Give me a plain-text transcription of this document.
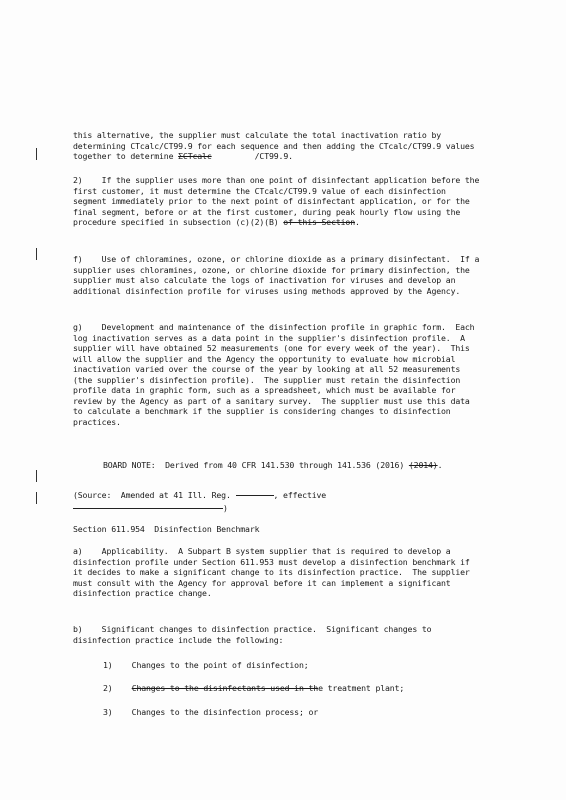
this alternative, the supplier must calculate the total inactivation ratio by determining CTcalc/CT99.9 for each sequence and then adding the CTcalc/CT99.9 values together to determine ΣCTcalc	/CT99.9.
2)    If the supplier uses more than one point of disinfectant application before the first customer, it must determine the CTcalc/CT99.9 value of each disinfection segment immediately prior to the next point of disinfectant application, or for the final segment, before or at the first customer, during peak hourly flow using the procedure specified in subsection (c)(2)(B) of this Section.
f)    Use of chloramines, ozone, or chlorine dioxide as a primary disinfectant.  If a supplier uses chloramines, ozone, or chlorine dioxide for primary disinfection, the supplier must also calculate the logs of inactivation for viruses and develop an additional disinfection profile for viruses using methods approved by the Agency.
g)    Development and maintenance of the disinfection profile in graphic form.  Each log inactivation serves as a data point in the supplier's disinfection profile.  A supplier will have obtained 52 measurements (one for every week of the year).  This will allow the supplier and the Agency the opportunity to evaluate how microbial inactivation varied over the course of the year by looking at all 52 measurements (the supplier's disinfection profile).  The supplier must retain the disinfection profile data in graphic form, such as a spreadsheet, which must be available for review by the Agency as part of a sanitary survey.  The supplier must use this data to calculate a benchmark if the supplier is considering changes to disinfection practices.
BOARD NOTE:  Derived from 40 CFR 141.530 through 141.536 (2016) (2014).
(Source:  Amended at 41 Ill. Reg.	, effective
)
Section 611.954  Disinfection Benchmark
a)    Applicability.  A Subpart B system supplier that is required to develop a disinfection profile under Section 611.953 must develop a disinfection benchmark if it decides to make a significant change to its disinfection practice.  The supplier must consult with the Agency for approval before it can implement a significant disinfection practice change.
b)    Significant changes to disinfection practice.  Significant changes to disinfection practice include the following:
1)    Changes to the point of disinfection;
2)    Changes to the disinfectants used in the treatment plant;
3)    Changes to the disinfection process; or
